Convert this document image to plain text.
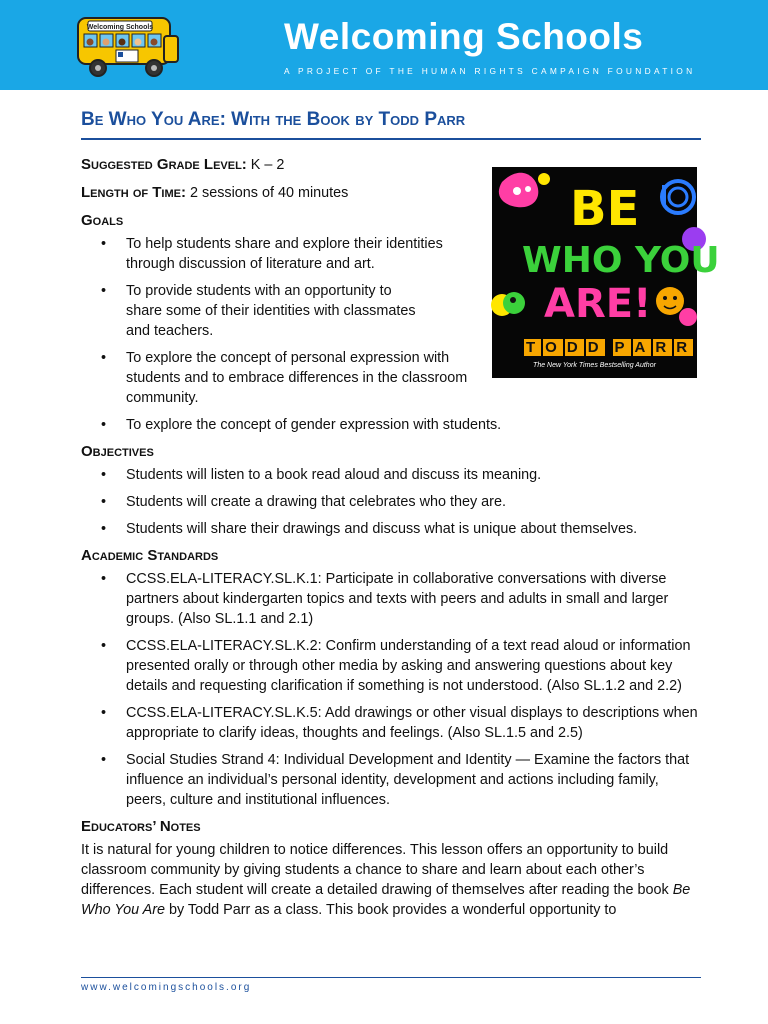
Welcoming Schools	Welcoming Schools
A PROJECT OF THE HUMAN RIGHTS CAMPAIGN FOUNDATION
Be Who You Are: With the Book by Todd Parr
BE
WHO YOU
ARE!
T O D D P A R R
The New York Times Bestselling Author
Suggested Grade Level: K – 2
Length of Time: 2 sessions of 40 minutes
Goals
• To help students share and explore their identities through discussion of literature and art.
• To provide students with an opportunity to share some of their identities with classmates and teachers.
• To explore the concept of personal expression with students and to embrace differences in the classroom community.
• To explore the concept of gender expression with students.
Objectives
• Students will listen to a book read aloud and discuss its meaning.
• Students will create a drawing that celebrates who they are.
• Students will share their drawings and discuss what is unique about themselves.
Academic Standards
• CCSS.ELA-LITERACY.SL.K.1: Participate in collaborative conversations with diverse partners about kindergarten topics and texts with peers and adults in small and larger groups. (Also SL.1.1 and 2.1)
• CCSS.ELA-LITERACY.SL.K.2: Confirm understanding of a text read aloud or information presented orally or through other media by asking and answering questions about key details and requesting clarification if something is not understood. (Also SL.1.2 and 2.2)
• CCSS.ELA-LITERACY.SL.K.5: Add drawings or other visual displays to descriptions when appropriate to clarify ideas, thoughts and feelings. (Also SL.1.5 and 2.5)
• Social Studies Strand 4: Individual Development and Identity — Examine the factors that influence an individual’s personal identity, development and actions including family, peers, culture and institutional influences.
Educators’ Notes

It is natural for young children to notice differences. This lesson offers an opportunity to build classroom community by giving students a chance to share and learn about each other’s differences. Each student will create a detailed drawing of themselves after reading the book Be Who You Are by Todd Parr as a class. This book provides a wonderful opportunity to

www.welcomingschools.org
